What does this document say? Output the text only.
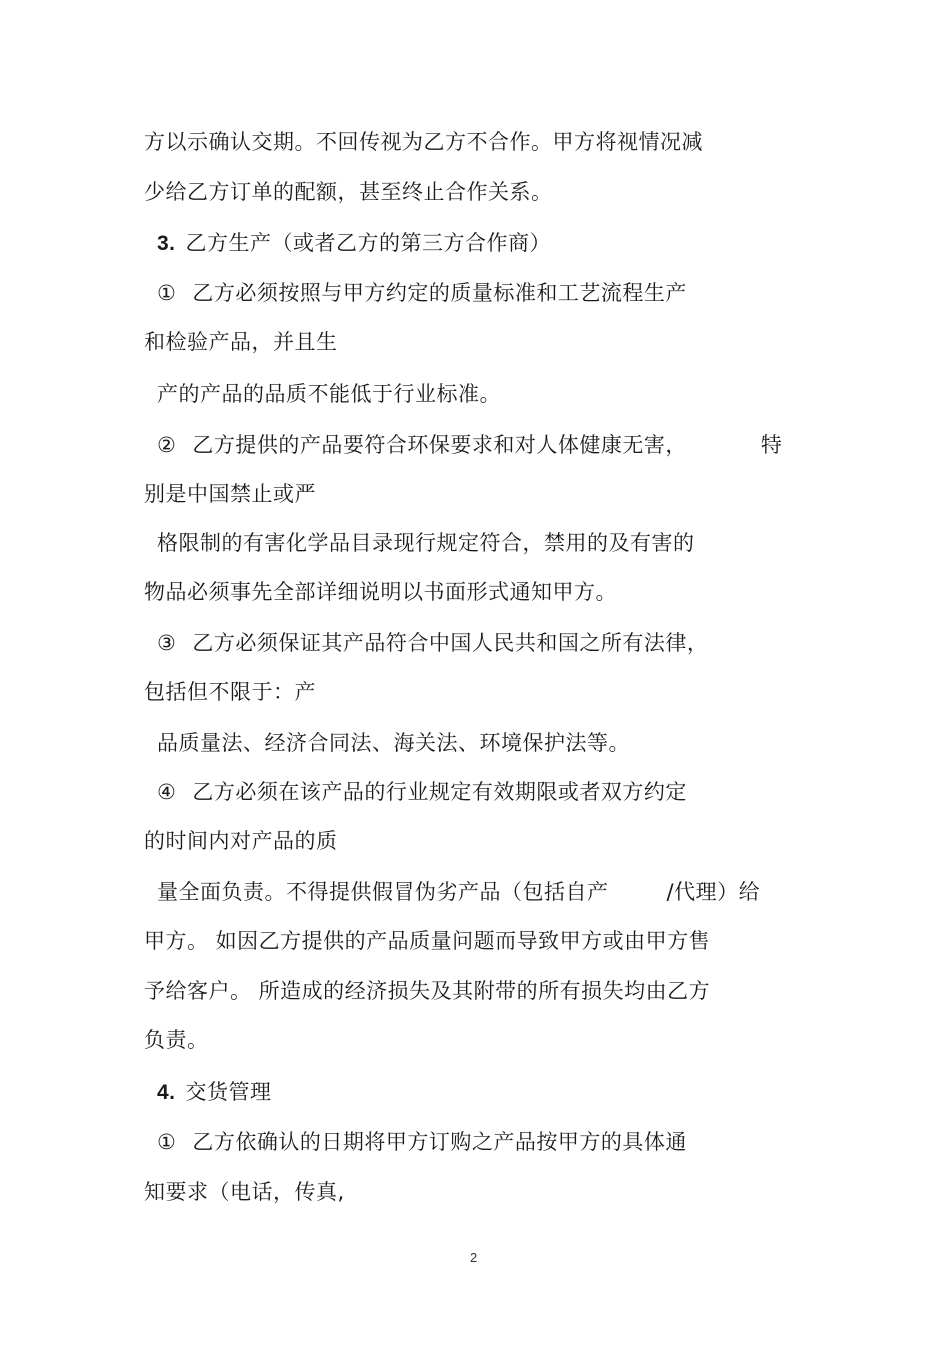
方以示确认交期。不回传视为乙方不合作。甲方将视情况减
少给乙方订单的配额，甚至终止合作关系。
3. 乙方生产（或者乙方的第三方合作商）
① 乙方必须按照与甲方约定的质量标准和工艺流程生产
和检验产品，并且生
产的产品的品质不能低于行业标准。
② 乙方提供的产品要符合环保要求和对人体健康无害，	特
别是中国禁止或严
格限制的有害化学品目录现行规定符合，禁用的及有害的
物品必须事先全部详细说明以书面形式通知甲方。
③ 乙方必须保证其产品符合中国人民共和国之所有法律，
包括但不限于：产
品质量法、经济合同法、海关法、环境保护法等。
④ 乙方必须在该产品的行业规定有效期限或者双方约定
的时间内对产品的质
量全面负责。不得提供假冒伪劣产品（包括自产	/代理）给
甲方。 如因乙方提供的产品质量问题而导致甲方或由甲方售
予给客户。 所造成的经济损失及其附带的所有损失均由乙方
负责。
4. 交货管理
① 乙方依确认的日期将甲方订购之产品按甲方的具体通
知要求（电话，传真,
2
